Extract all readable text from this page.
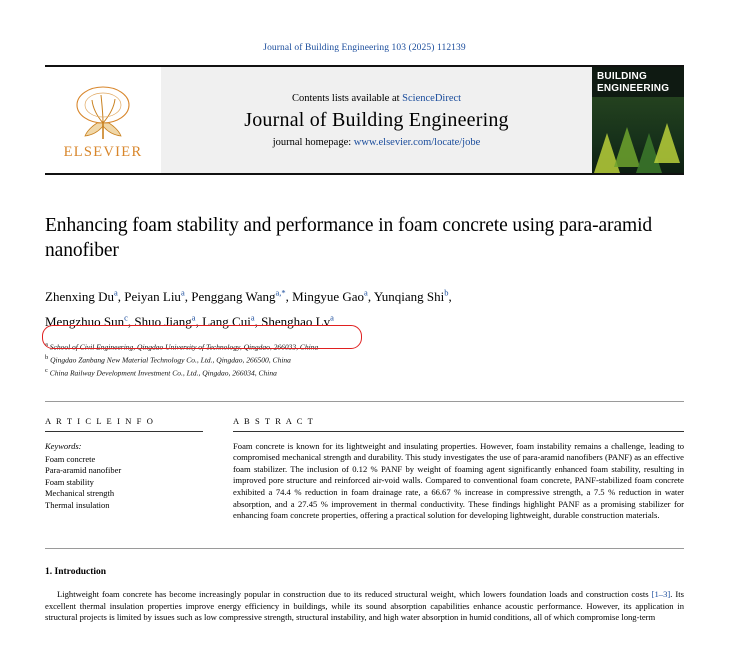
Journal of Building Engineering 103 (2025) 112139
ELSEVIER
Contents lists available at ScienceDirect
Journal of Building Engineering
journal homepage: www.elsevier.com/locate/jobe
BUILDING
ENGINEERING
Enhancing foam stability and performance in foam concrete using para-aramid nanofiber
Zhenxing Du$^a$, Peiyan Liu$^a$, Penggang Wang$^{a,*}$, Mingyue Gao$^a$, Yunqiang Shi$^b$,
Mengzhuo Sun$^c$, Shuo Jiang$^a$, Lang Cui$^a$, Shenghao Lv$^a$
$^a$ School of Civil Engineering, Qingdao University of Technology, Qingdao, 266033, China
$^b$ Qingdao Zanbang New Material Technology Co., Ltd., Qingdao, 266500, China
$^c$ China Railway Development Investment Co., Ltd., Qingdao, 266034, China
A R T I C L E I N F O
Keywords:
Foam concrete
Para-aramid nanofiber
Foam stability
Mechanical strength
Thermal insulation
A B S T R A C T
Foam concrete is known for its lightweight and insulating properties. However, foam instability remains a challenge, leading to compromised mechanical strength and durability. This study investigates the use of para-aramid nanofibers (PANF) as an effective foam stabilizer. The inclusion of 0.12 % PANF by weight of foaming agent significantly enhanced foam stability, resulting in improved pore structure and reinforced air-void walls. Compared to conventional foam concrete, PANF-stabilized foam concrete exhibited a 74.4 % reduction in foam drainage rate, a 66.67 % increase in compressive strength, a 7.5 % reduction in water absorption, and a 27.45 % improvement in thermal conductivity. These findings highlight PANF as a promising stabilizer for enhancing foam concrete properties, offering a practical solution for developing lightweight, durable construction materials.
1. Introduction

Lightweight foam concrete has become increasingly popular in construction due to its reduced structural weight, which lowers foundation loads and construction costs [1–3]. Its excellent thermal insulation properties improve energy efficiency in buildings, while its sound absorption capabilities enhance acoustic performance. However, its application in structural projects is limited by issues such as low compressive strength, structural instability, and high water absorption in humid conditions, all of which compromise long-term
